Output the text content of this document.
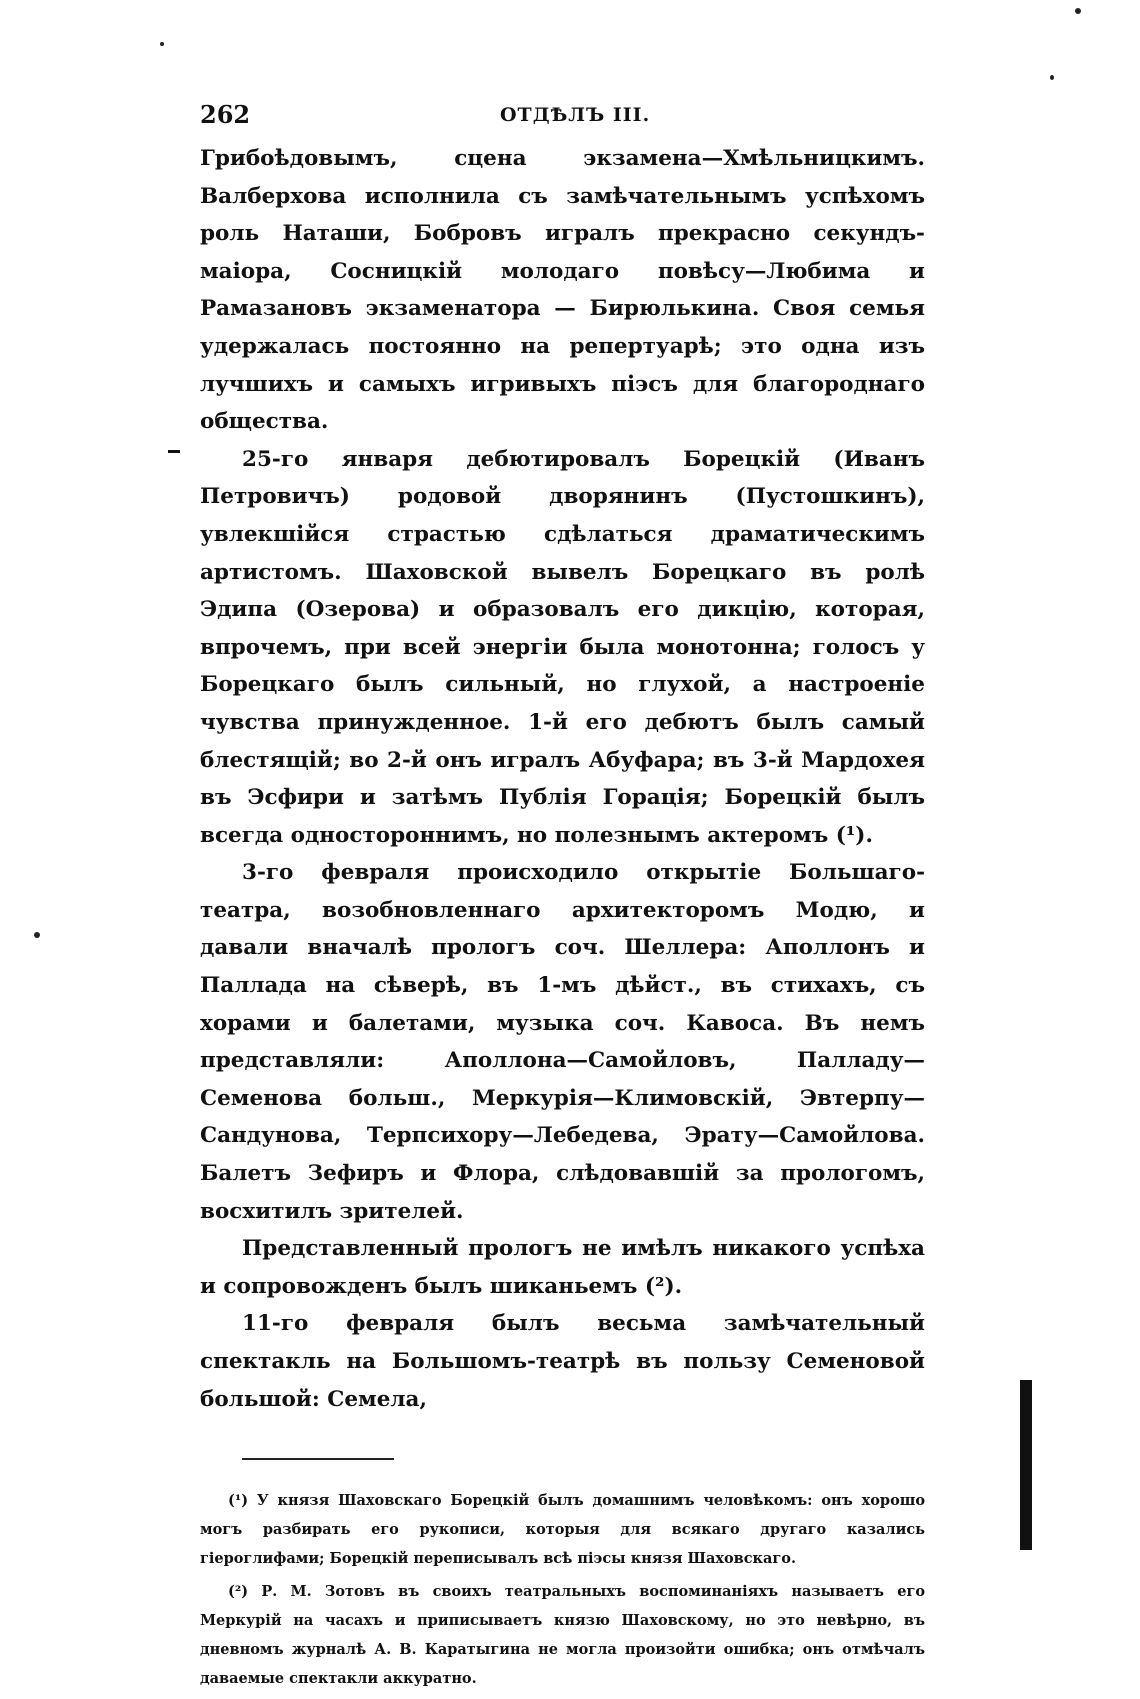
262	ОТДѢЛЪ III.

Грибоѣдовымъ, сцена экзамена—Хмѣльницкимъ. Валберхова исполнила съ замѣчательнымъ успѣхомъ роль Наташи, Бобровъ игралъ прекрасно секундъ-маіора, Сосницкій молодаго повѣсу—Любима и Рамазановъ экзаменатора — Бирюлькина. Своя семья удержалась постоянно на репертуарѣ; это одна изъ лучшихъ и самыхъ игривыхъ піэсъ для благороднаго общества.

25-го января дебютировалъ Борецкій (Иванъ Петровичъ) родовой дворянинъ (Пустошкинъ), увлекшійся страстью сдѣлаться драматическимъ артистомъ. Шаховской вывелъ Борецкаго въ ролѣ Эдипа (Озерова) и образовалъ его дикцію, которая, впрочемъ, при всей энергіи была монотонна; голосъ у Борецкаго былъ сильный, но глухой, а настроеніе чувства принужденное. 1-й его дебютъ былъ самый блестящій; во 2-й онъ игралъ Абуфара; въ 3-й Мардохея въ Эсфири и затѣмъ Публія Горація; Борецкій былъ всегда одностороннимъ, но полезнымъ актеромъ (¹).

3-го февраля происходило открытіе Большаго-театра, возобновленнаго архитекторомъ Модю, и давали вначалѣ прологъ соч. Шеллера: Аполлонъ и Паллада на сѣверѣ, въ 1-мъ дѣйст., въ стихахъ, съ хорами и балетами, музыка соч. Кавоса. Въ немъ представляли: Аполлона—Самойловъ, Палладу—Семенова больш., Меркурія—Климовскій, Эвтерпу—Сандунова, Терпсихору—Лебедева, Эрату—Самойлова. Балетъ Зефиръ и Флора, слѣдовавшій за прологомъ, восхитилъ зрителей.

Представленный прологъ не имѣлъ никакого успѣха и сопровожденъ былъ шиканьемъ (²).

11-го февраля былъ весьма замѣчательный спектакль на Большомъ-театрѣ въ пользу Семеновой большой: Семела,

(¹) У князя Шаховскаго Борецкій былъ домашнимъ человѣкомъ: онъ хорошо могъ разбирать его рукописи, которыя для всякаго другаго казались гіероглифами; Борецкій переписывалъ всѣ піэсы князя Шаховскаго.

(²) Р. М. Зотовъ въ своихъ театральныхъ воспоминаніяхъ называетъ его Меркурій на часахъ и приписываетъ князю Шаховскому, но это невѣрно, въ дневномъ журналѣ А. В. Каратыгина не могла произойти ошибка; онъ отмѣчалъ даваемые спектакли аккуратно.
